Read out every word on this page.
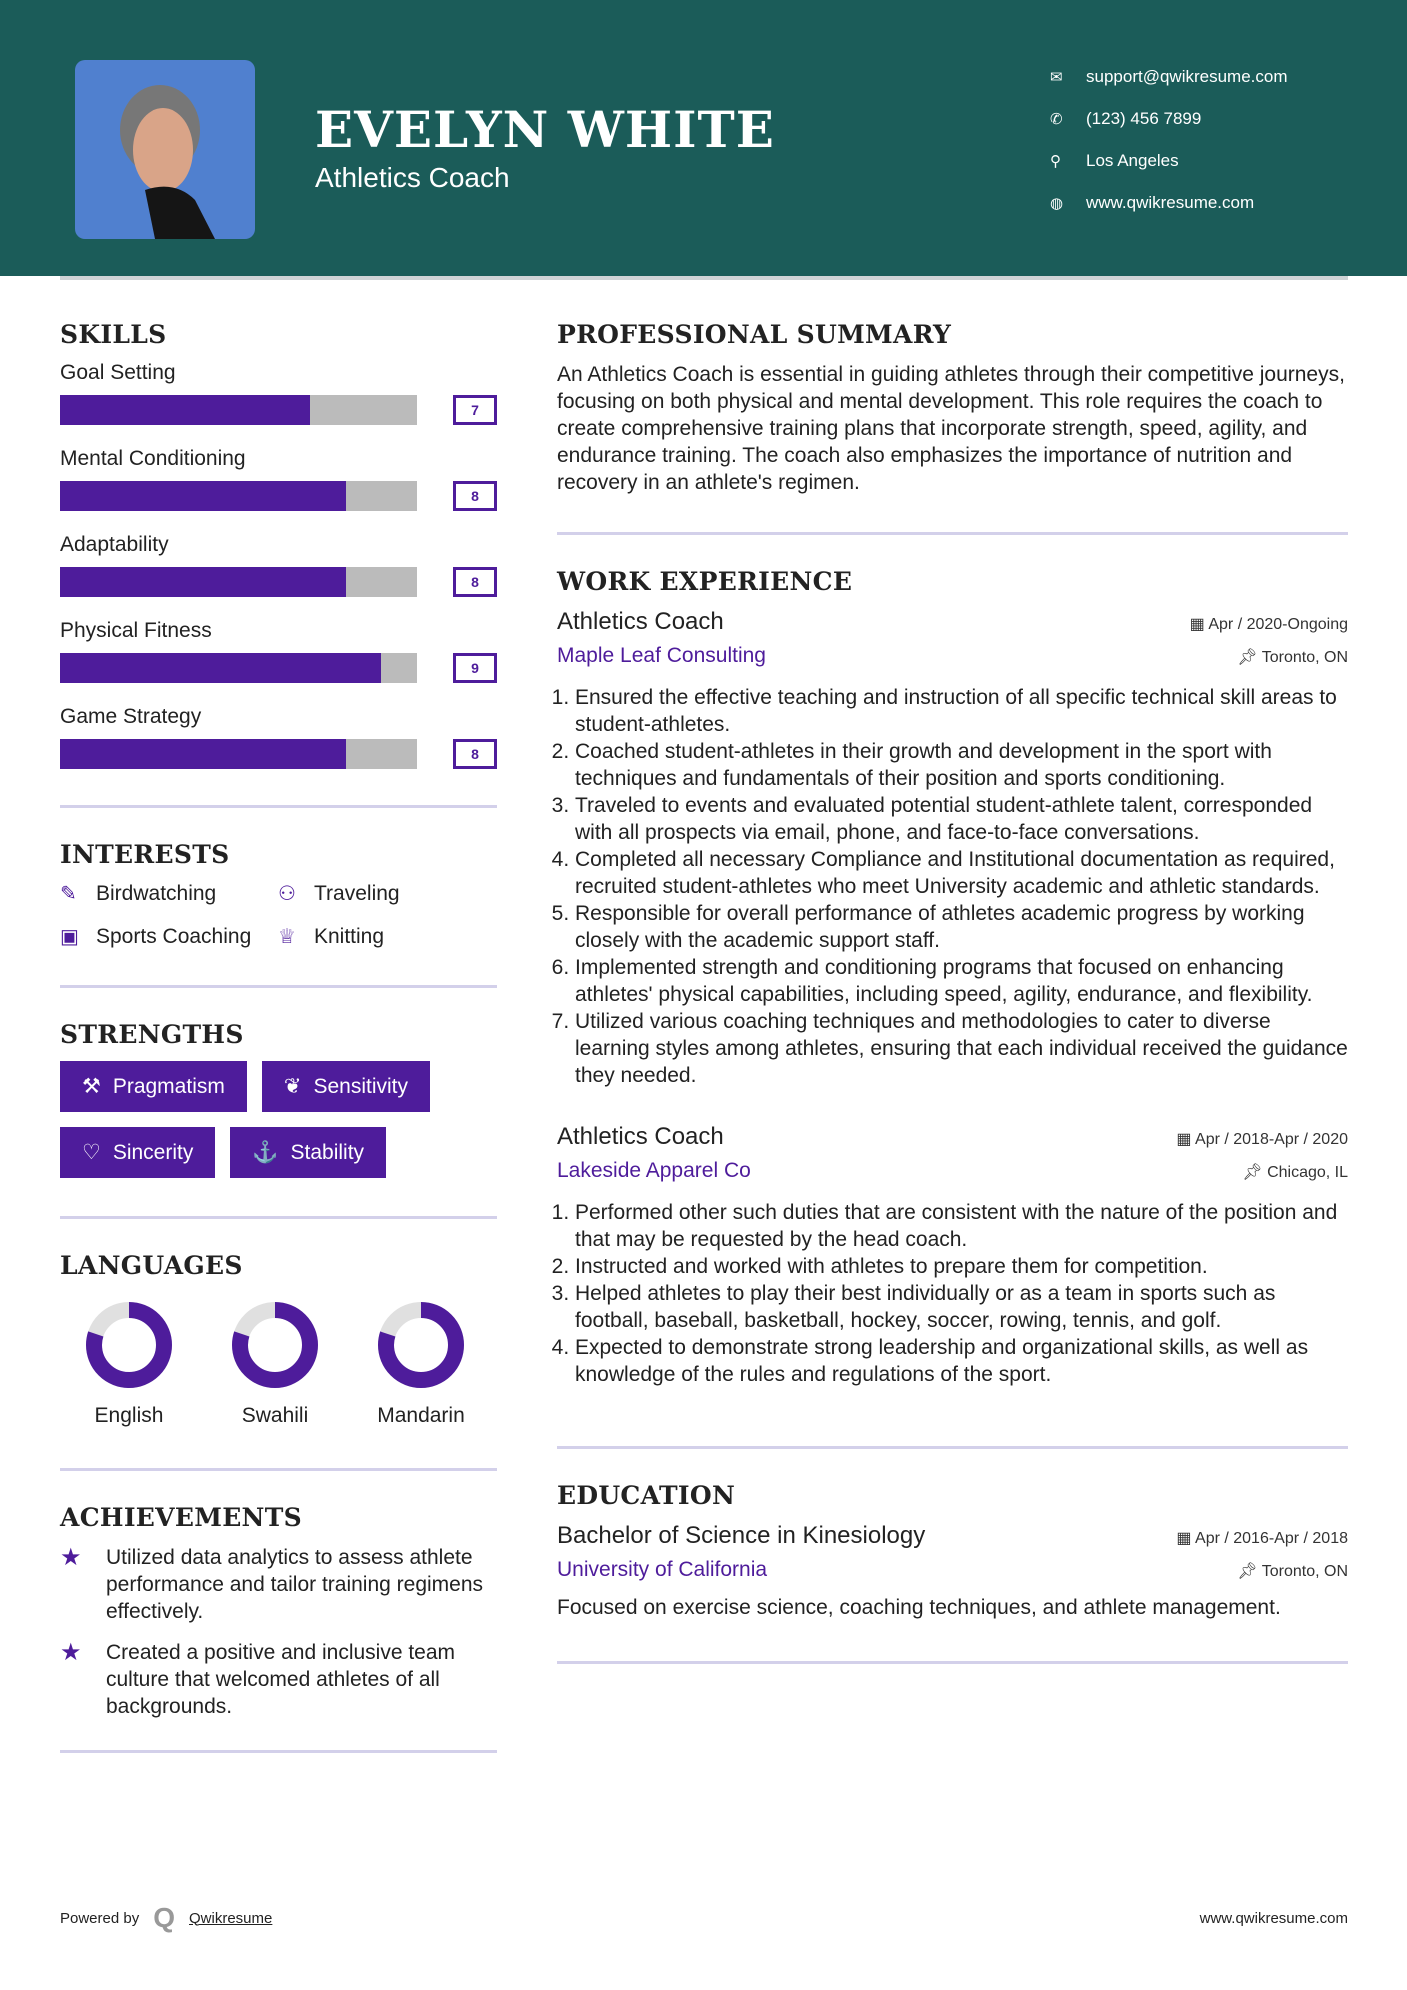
EVELYN WHITE
Athletics Coach
✉	support@qwikresume.com
✆	(123) 456 7899
⚲	Los Angeles
◍	www.qwikresume.com
SKILLS
Goal Setting
7
Mental Conditioning
8
Adaptability
8
Physical Fitness
9
Game Strategy
8
INTERESTS
✎ Birdwatching	⚇ Traveling
▣ Sports Coaching ♕ Knitting
STRENGTHS
⚒ Pragmatism	❦ Sensitivity
♡ Sincerity	⚓ Stability
LANGUAGES
English	Swahili	Mandarin
ACHIEVEMENTS
★	Utilized data analytics to assess athlete performance and tailor training regimens effectively.
★	Created a positive and inclusive team culture that welcomed athletes of all backgrounds.
PROFESSIONAL SUMMARY

An Athletics Coach is essential in guiding athletes through their competitive journeys, focusing on both physical and mental development. This role requires the coach to create comprehensive training plans that incorporate strength, speed, agility, and endurance training. The coach also emphasizes the importance of nutrition and recovery in an athlete's regimen.

WORK EXPERIENCE
Athletics Coach	▦ Apr / 2020-Ongoing
Maple Leaf Consulting	📌︎ Toronto, ON
1. Ensured the effective teaching and instruction of all specific technical skill areas to student-athletes.
2. Coached student-athletes in their growth and development in the sport with techniques and fundamentals of their position and sports conditioning.
3. Traveled to events and evaluated potential student-athlete talent, corresponded with all prospects via email, phone, and face-to-face conversations.
4. Completed all necessary Compliance and Institutional documentation as required, recruited student-athletes who meet University academic and athletic standards.
5. Responsible for overall performance of athletes academic progress by working closely with the academic support staff.
6. Implemented strength and conditioning programs that focused on enhancing athletes' physical capabilities, including speed, agility, endurance, and flexibility.
7. Utilized various coaching techniques and methodologies to cater to diverse learning styles among athletes, ensuring that each individual received the guidance they needed.
Athletics Coach	▦ Apr / 2018-Apr / 2020
Lakeside Apparel Co	📌︎ Chicago, IL
1. Performed other such duties that are consistent with the nature of the position and that may be requested by the head coach.
2. Instructed and worked with athletes to prepare them for competition.
3. Helped athletes to play their best individually or as a team in sports such as football, baseball, basketball, hockey, soccer, rowing, tennis, and golf.
4. Expected to demonstrate strong leadership and organizational skills, as well as knowledge of the rules and regulations of the sport.
EDUCATION
Bachelor of Science in Kinesiology	▦ Apr / 2016-Apr / 2018
University of California	📌︎ Toronto, ON

Focused on exercise science, coaching techniques, and athlete management.

Powered by Q Qwikresume	www.qwikresume.com
